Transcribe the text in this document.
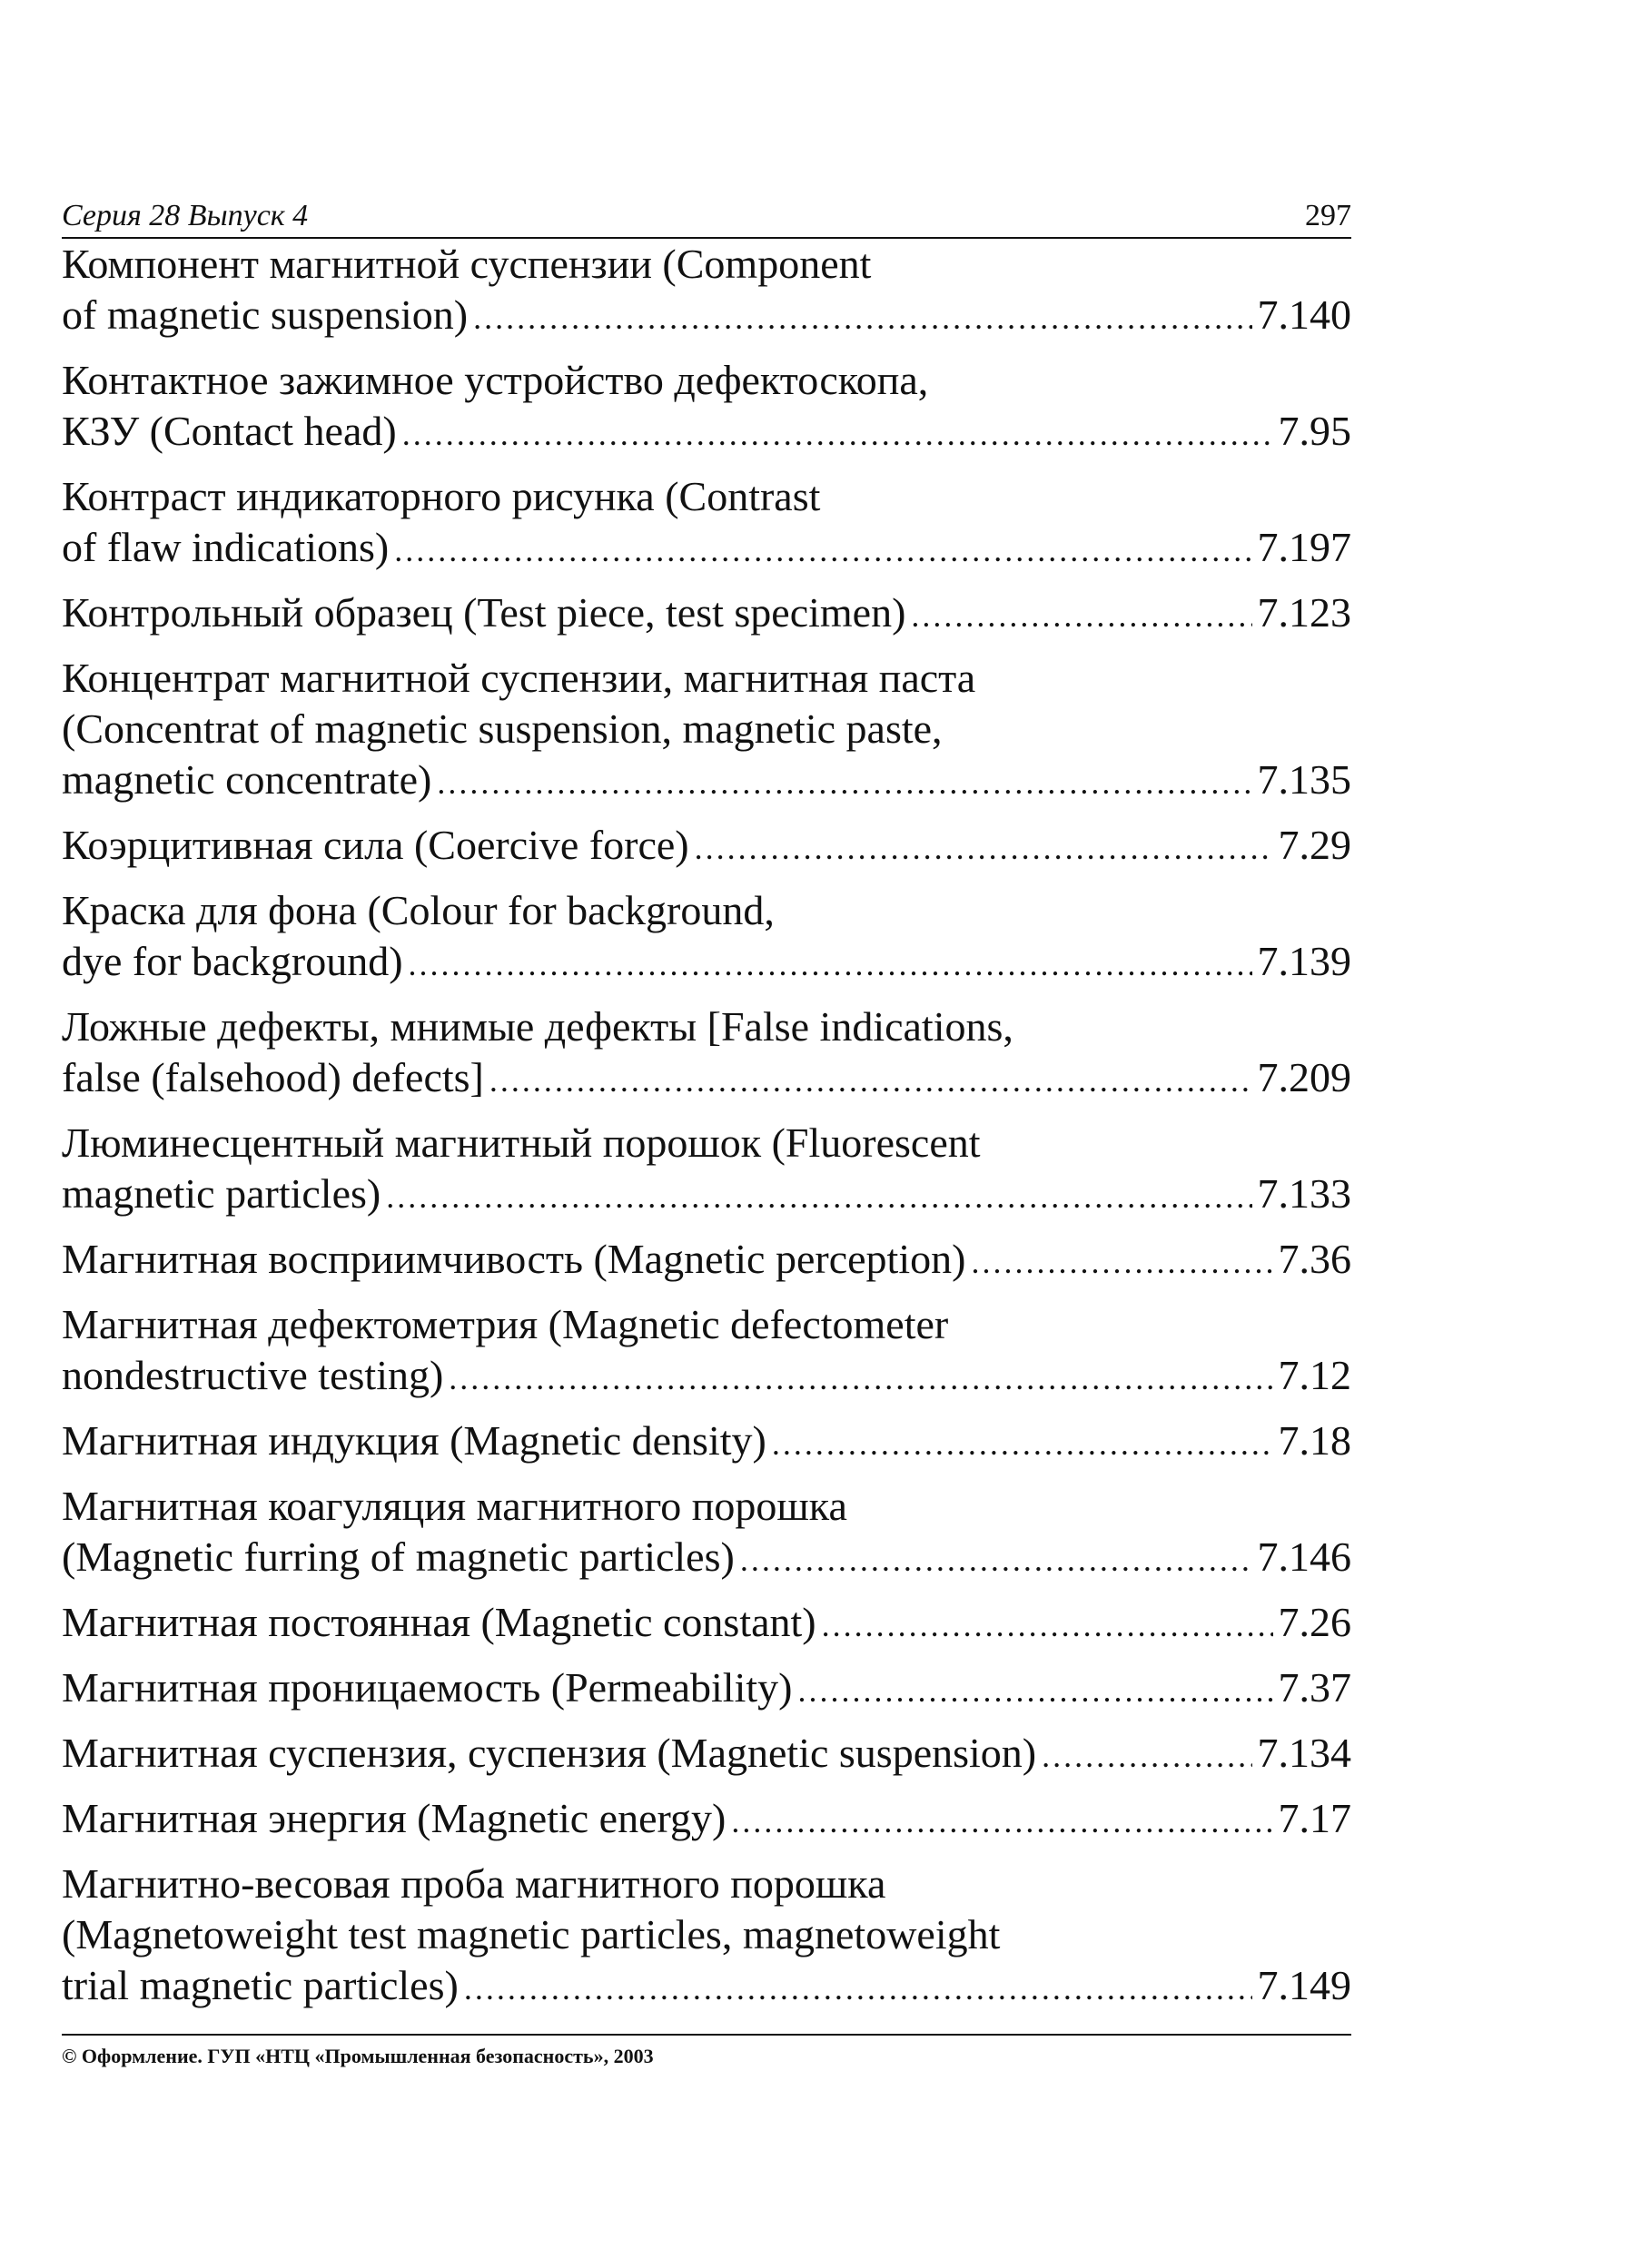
Серия 28 Выпуск 4	297
Компонент магнитной суспензии (Component
of magnetic suspension) .....	7.140
Контактное зажимное устройство дефектоскопа,
КЗУ (Contact head) .....	7.95
Контраст индикаторного рисунка (Contrast
of flaw indications) .....	7.197
Контрольный образец (Test piece, test specimen) .....	7.123
Концентрат магнитной суспензии, магнитная паста
(Concentrat of magnetic suspension, magnetic paste,
magnetic concentrate) .....	7.135
Коэрцитивная сила (Coercive force) .....	7.29
Краска для фона (Colour for background,
dye for background) .....	7.139
Ложные дефекты, мнимые дефекты [False indications,
false (falsehood) defects] .....	7.209
Люминесцентный магнитный порошок (Fluorescent
magnetic particles) .....	7.133
Магнитная восприимчивость (Magnetic perception) .....	7.36
Магнитная дефектометрия (Magnetic defectometer
nondestructive testing) .....	7.12
Магнитная индукция (Magnetic density) .....	7.18
Магнитная коагуляция магнитного порошка
(Magnetic furring of magnetic particles) .....	7.146
Магнитная постоянная (Magnetic constant) .....	7.26
Магнитная проницаемость (Permeability) .....	7.37
Магнитная суспензия, суспензия (Magnetic suspension) .....	7.134
Магнитная энергия (Magnetic energy) .....	7.17
Магнитно-весовая проба магнитного порошка
(Magnetoweight test magnetic particles, magnetoweight
trial magnetic particles) .....	7.149
© Оформление. ГУП «НТЦ «Промышленная безопасность», 2003
